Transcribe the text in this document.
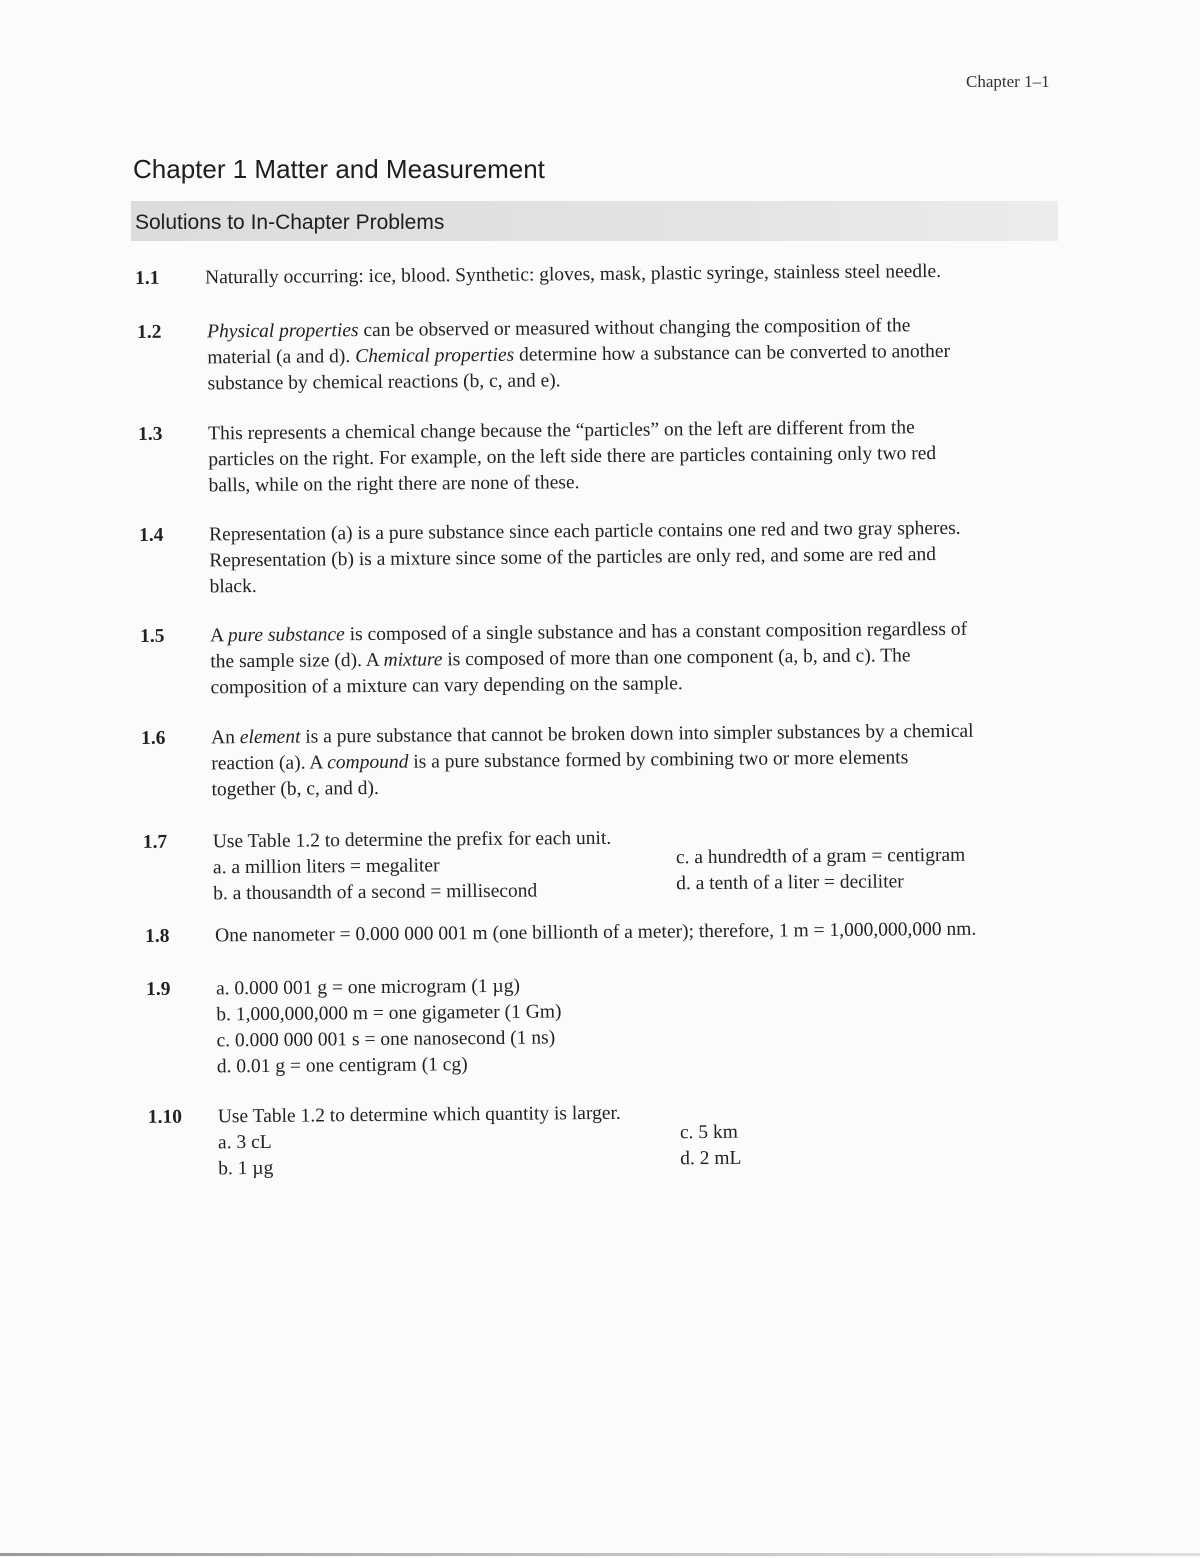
Chapter 1–1
Chapter 1 Matter and Measurement
Solutions to In-Chapter Problems
1.1	Naturally occurring: ice, blood. Synthetic: gloves, mask, plastic syringe, stainless steel needle.
1.2	Physical properties can be observed or measured without changing the composition of the
material (a and d). Chemical properties determine how a substance can be converted to another
substance by chemical reactions (b, c, and e).
1.3	This represents a chemical change because the “particles” on the left are different from the
particles on the right. For example, on the left side there are particles containing only two red
balls, while on the right there are none of these.
1.4	Representation (a) is a pure substance since each particle contains one red and two gray spheres.
Representation (b) is a mixture since some of the particles are only red, and some are red and
black.
1.5	A pure substance is composed of a single substance and has a constant composition regardless of
the sample size (d). A mixture is composed of more than one component (a, b, and c). The
composition of a mixture can vary depending on the sample.
1.6	An element is a pure substance that cannot be broken down into simpler substances by a chemical
reaction (a). A compound is a pure substance formed by combining two or more elements
together (b, c, and d).
1.7	Use Table 1.2 to determine the prefix for each unit.
a. a million liters = megaliter
b. a thousandth of a second = millisecond
c. a hundredth of a gram = centigram
d. a tenth of a liter = deciliter
1.8	One nanometer = 0.000 000 001 m (one billionth of a meter); therefore, 1 m = 1,000,000,000 nm.
1.9	a. 0.000 001 g = one microgram (1 µg)
b. 1,000,000,000 m = one gigameter (1 Gm)
c. 0.000 000 001 s = one nanosecond (1 ns)
d. 0.01 g = one centigram (1 cg)
1.10	Use Table 1.2 to determine which quantity is larger.
a. 3 cL
b. 1 µg
c. 5 km
d. 2 mL
